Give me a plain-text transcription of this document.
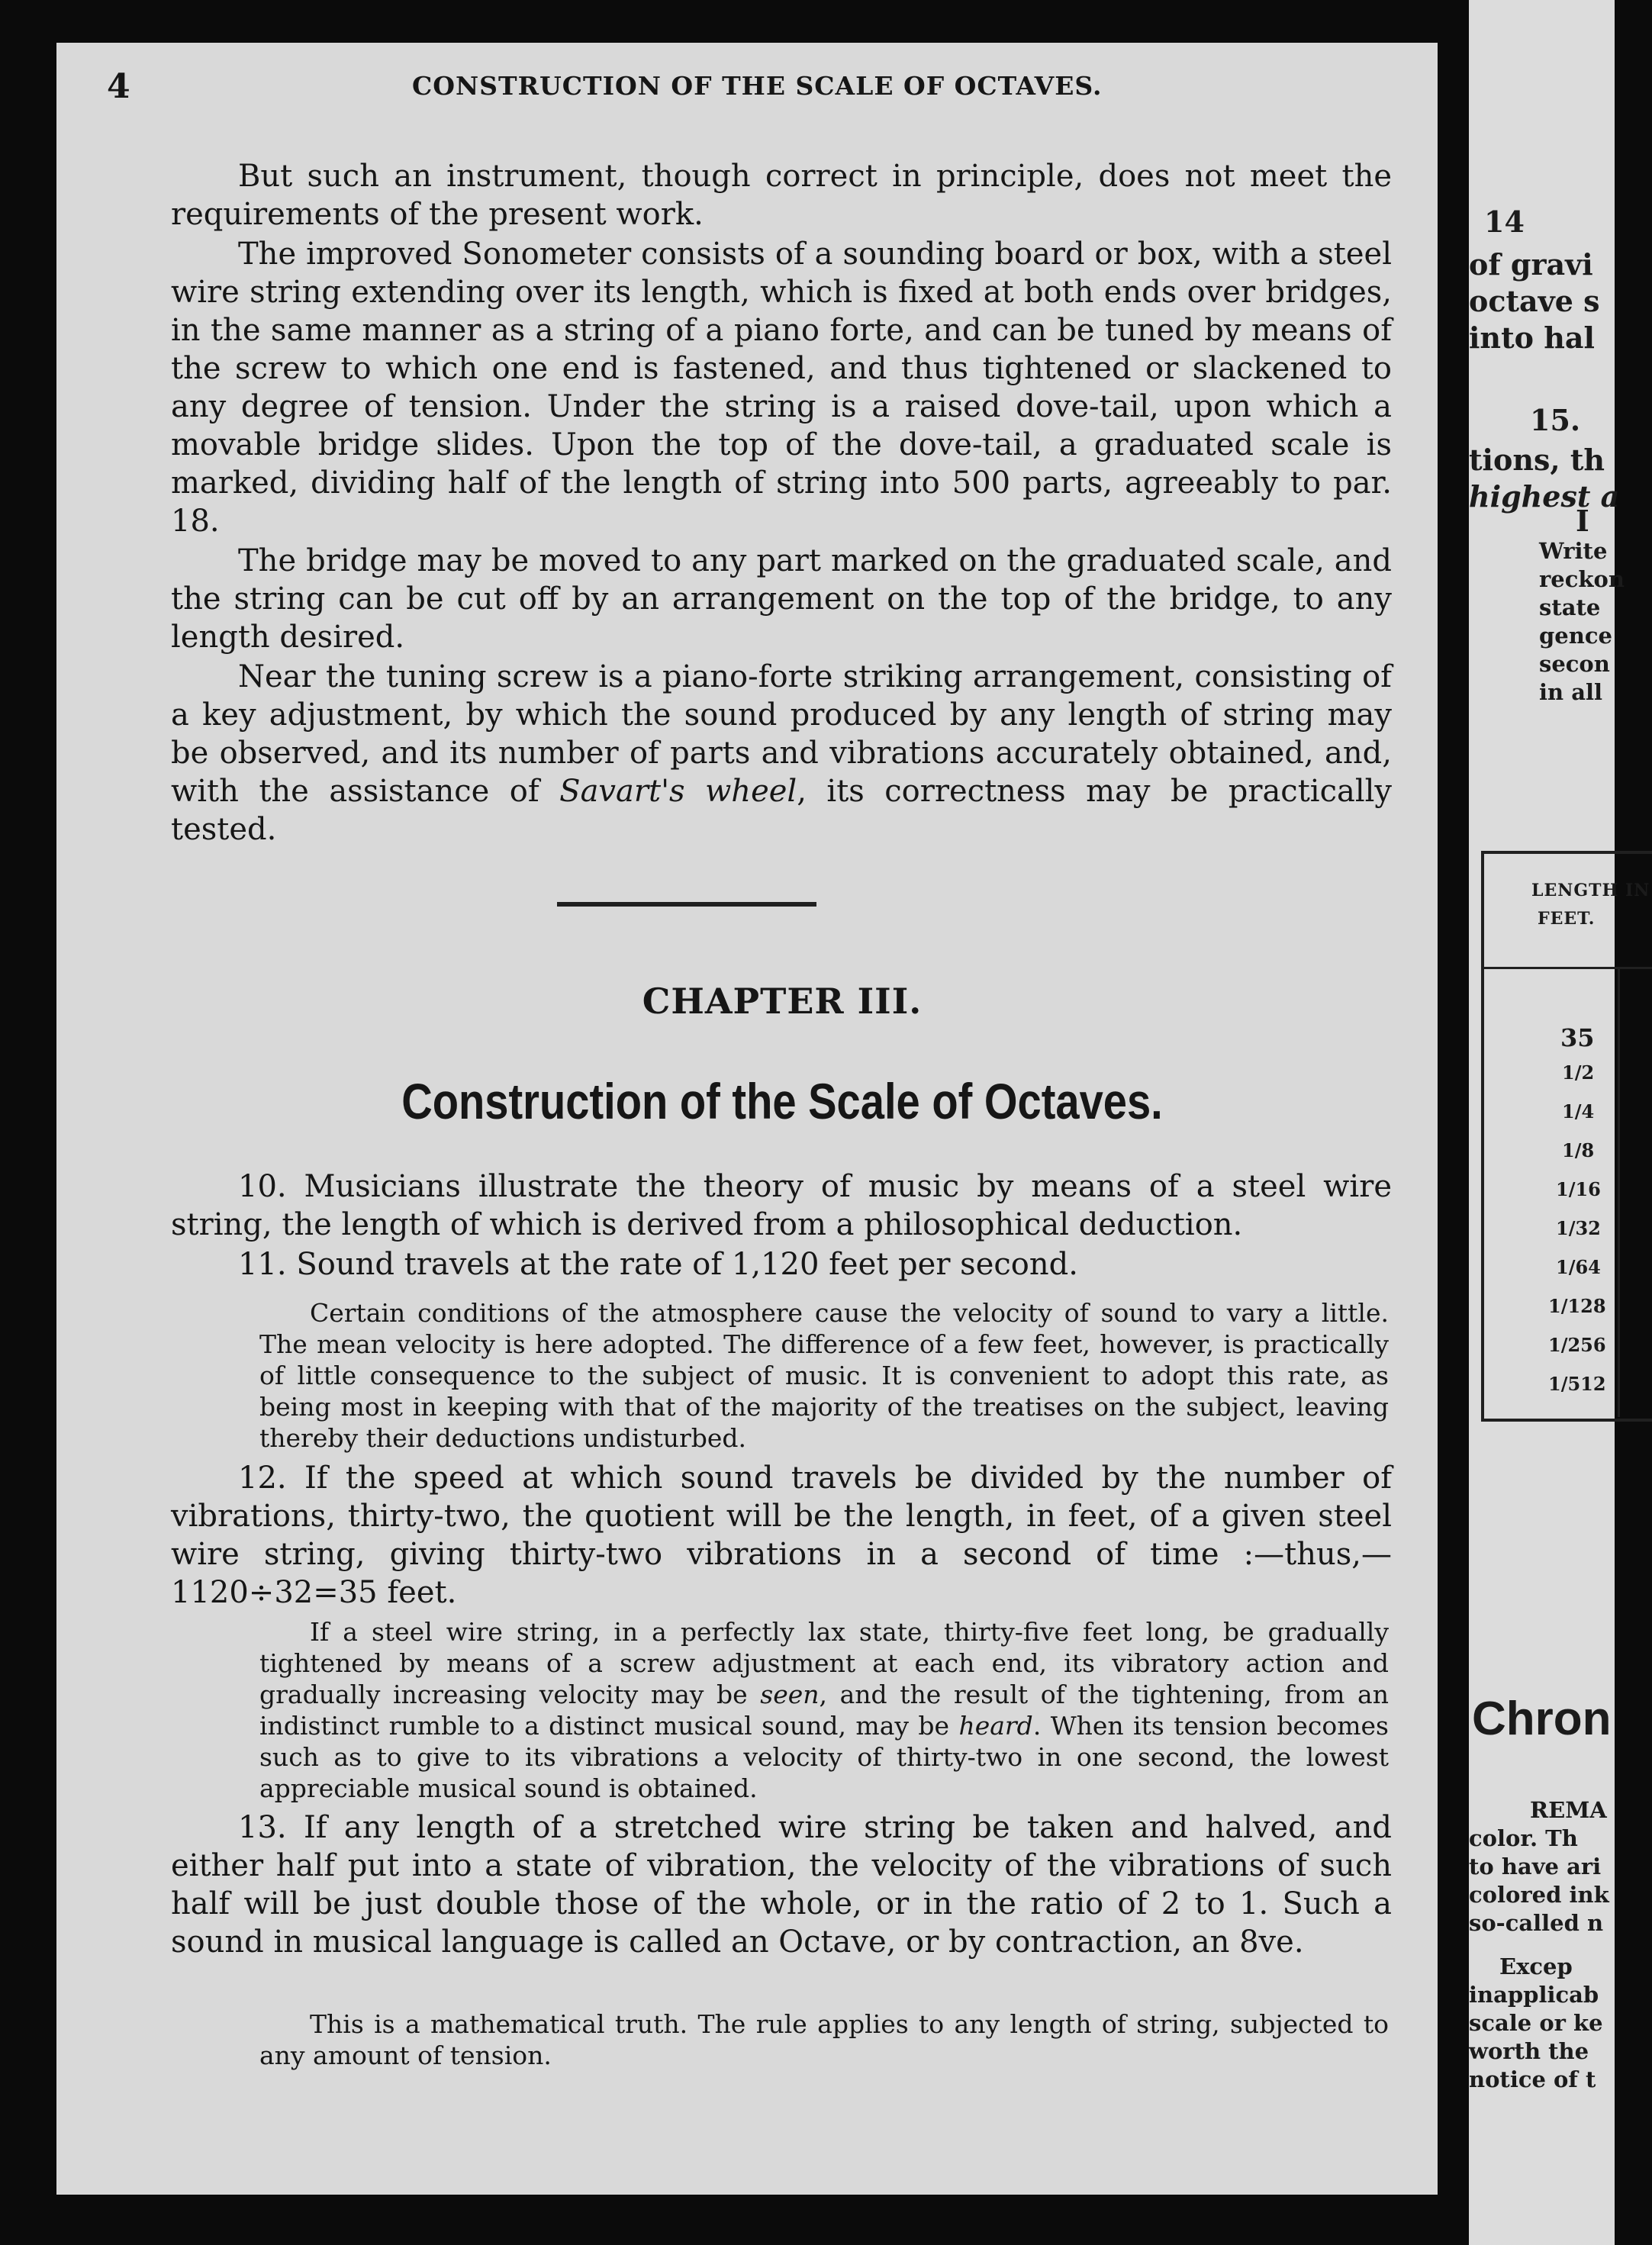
4	CONSTRUCTION OF THE SCALE OF OCTAVES.

But such an instrument, though correct in principle, does not meet the requirements of the present work.

The improved Sonometer consists of a sounding board or box, with a steel wire string extending over its length, which is fixed at both ends over bridges, in the same manner as a string of a piano forte, and can be tuned by means of the screw to which one end is fastened, and thus tightened or slackened to any degree of tension. Under the string is a raised dove-tail, upon which a movable bridge slides. Upon the top of the dove-tail, a graduated scale is marked, dividing half of the length of string into 500 parts, agreeably to par. 18.

The bridge may be moved to any part marked on the graduated scale, and the string can be cut off by an arrangement on the top of the bridge, to any length desired.

Near the tuning screw is a piano-forte striking arrangement, consisting of a key adjustment, by which the sound produced by any length of string may be observed, and its number of parts and vibrations accurately obtained, and, with the assistance of Savart's wheel, its correctness may be practically tested.

CHAPTER III.
Construction of the Scale of Octaves.

10. Musicians illustrate the theory of music by means of a steel wire string, the length of which is derived from a philosophical deduction.

11. Sound travels at the rate of 1,120 feet per second.

Certain conditions of the atmosphere cause the velocity of sound to vary a little. The mean velocity is here adopted. The difference of a few feet, however, is practically of little consequence to the subject of music. It is convenient to adopt this rate, as being most in keeping with that of the majority of the treatises on the subject, leaving thereby their deductions undisturbed.

12. If the speed at which sound travels be divided by the number of vibrations, thirty-two, the quotient will be the length, in feet, of a given steel wire string, giving thirty-two vibrations in a second of time :—thus,—1120÷32=35 feet.

If a steel wire string, in a perfectly lax state, thirty-five feet long, be gradually tightened by means of a screw adjustment at each end, its vibratory action and gradually increasing velocity may be seen, and the result of the tightening, from an indistinct rumble to a distinct musical sound, may be heard. When its tension becomes such as to give to its vibrations a velocity of thirty-two in one second, the lowest appreciable musical sound is obtained.

13. If any length of a stretched wire string be taken and halved, and either half put into a state of vibration, the velocity of the vibrations of such half will be just double those of the whole, or in the ratio of 2 to 1. Such a sound in musical language is called an Octave, or by contraction, an 8ve.

This is a mathematical truth. The rule applies to any length of string, subjected to any amount of tension.

14
of gravi
octave s
into hal
15.
tions, th
highest a
I
Write
reckon
state
gence
secon
in all
LENGTH IN
FEET.
35
1/2
1/4
1/8
1/16
1/32
1/64
1/128
1/256
1/512
Chron
REMA
color. Th
to have ari
colored ink
so-called n
Excep
inapplicab
scale or ke
worth the
notice of t
